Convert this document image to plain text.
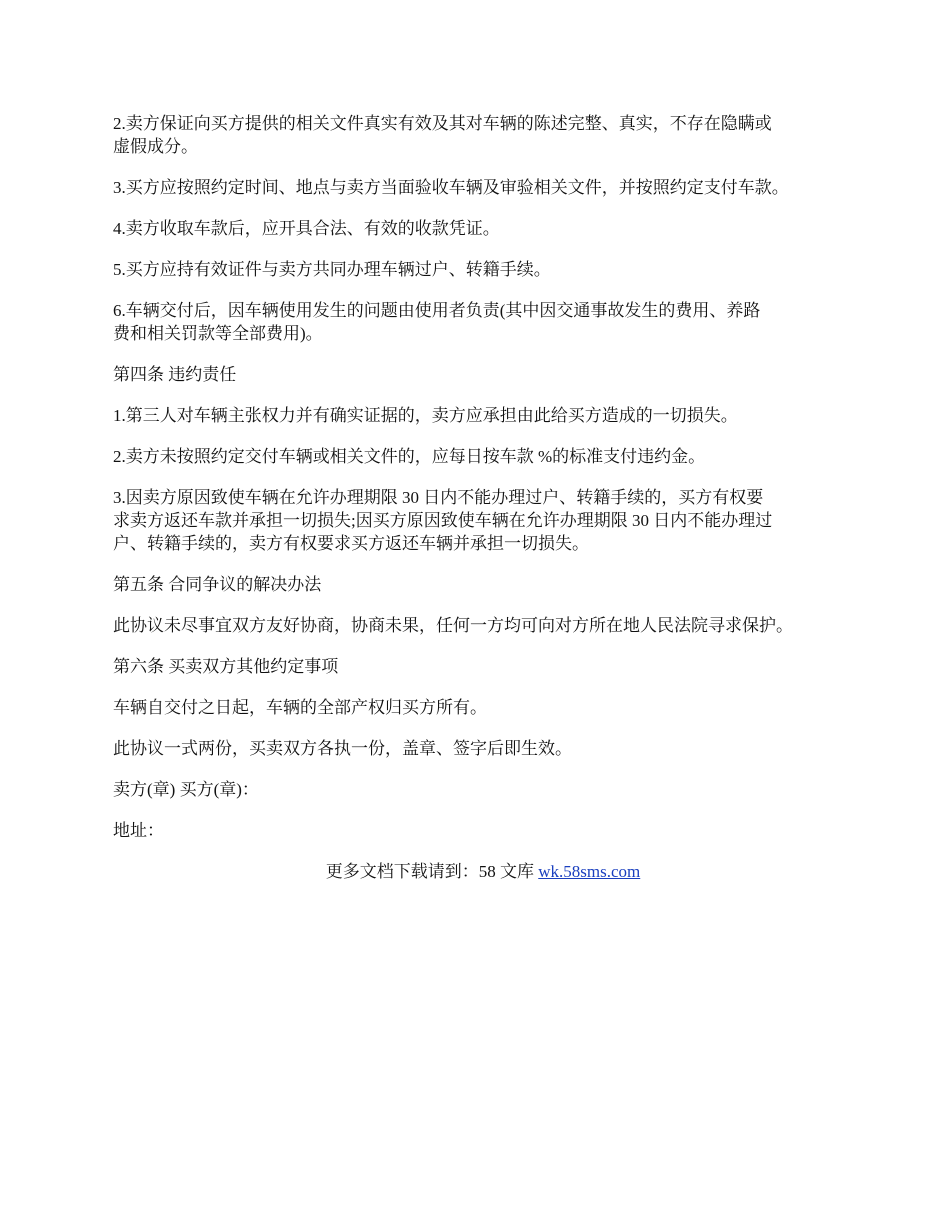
2.卖方保证向买方提供的相关文件真实有效及其对车辆的陈述完整、真实，不存在隐瞒或
虚假成分。

3.买方应按照约定时间、地点与卖方当面验收车辆及审验相关文件，并按照约定支付车款。

4.卖方收取车款后，应开具合法、有效的收款凭证。

5.买方应持有效证件与卖方共同办理车辆过户、转籍手续。

6.车辆交付后，因车辆使用发生的问题由使用者负责(其中因交通事故发生的费用、养路
费和相关罚款等全部费用)。

第四条 违约责任

1.第三人对车辆主张权力并有确实证据的，卖方应承担由此给买方造成的一切损失。

2.卖方未按照约定交付车辆或相关文件的，应每日按车款 %的标准支付违约金。

3.因卖方原因致使车辆在允许办理期限 30 日内不能办理过户、转籍手续的，买方有权要
求卖方返还车款并承担一切损失;因买方原因致使车辆在允许办理期限 30 日内不能办理过
户、转籍手续的，卖方有权要求买方返还车辆并承担一切损失。

第五条 合同争议的解决办法

此协议未尽事宜双方友好协商，协商未果，任何一方均可向对方所在地人民法院寻求保护。

第六条 买卖双方其他约定事项

车辆自交付之日起，车辆的全部产权归买方所有。

此协议一式两份，买卖双方各执一份，盖章、签字后即生效。

卖方(章) 买方(章)：

地址：

更多文档下载请到：58 文库 wk.58sms.com
